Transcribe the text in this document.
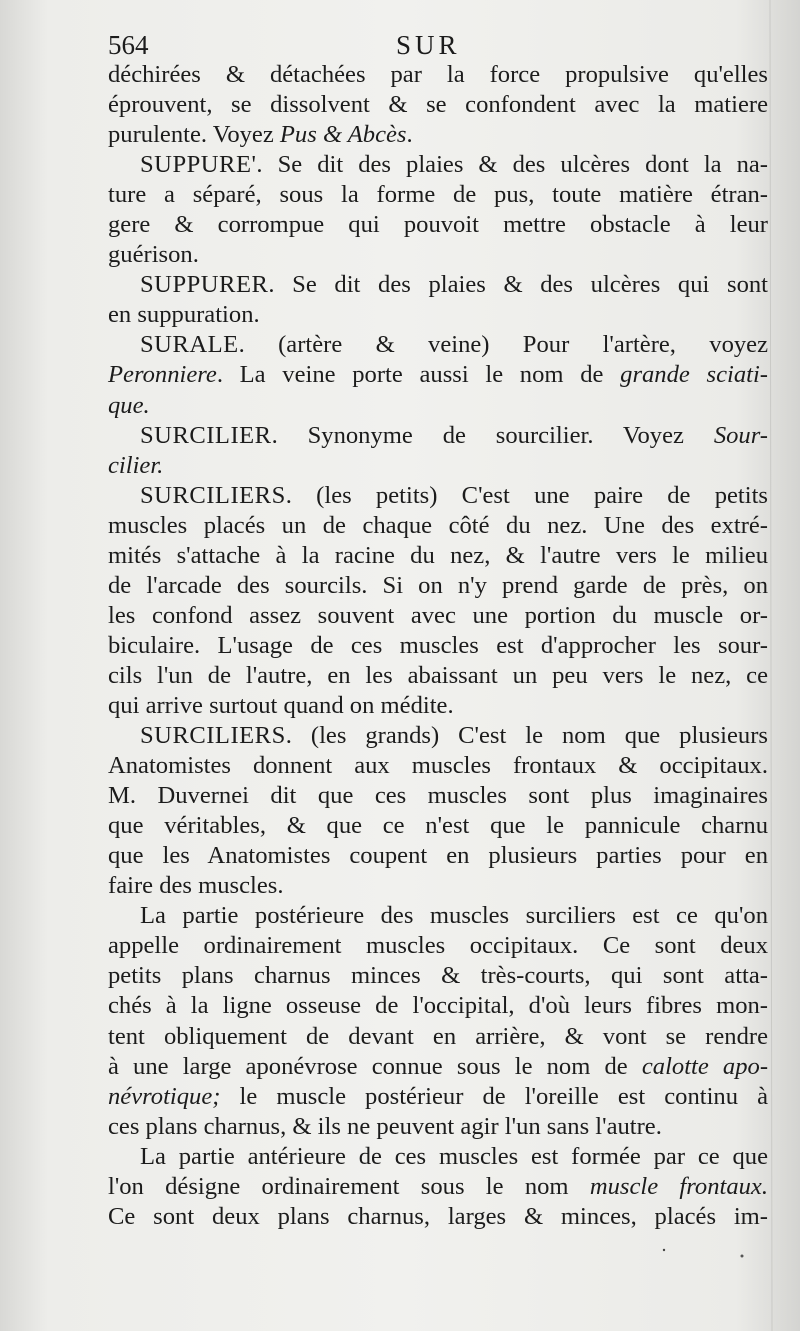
564	SUR

déchirées & détachées par la force propulsive qu'elles
éprouvent, se dissolvent & se confondent avec la matiere
purulente. Voyez Pus & Abcès.

SUPPURE'. Se dit des plaies & des ulcères dont la na-
ture a séparé, sous la forme de pus, toute matière étran-
gere & corrompue qui pouvoit mettre obstacle à leur
guérison.

SUPPURER. Se dit des plaies & des ulcères qui sont
en suppuration.

SURALE. (artère & veine) Pour l'artère, voyez
Peronniere. La veine porte aussi le nom de grande sciati-
que.

SURCILIER. Synonyme de sourcilier. Voyez Sour-
cilier.

SURCILIERS. (les petits) C'est une paire de petits
muscles placés un de chaque côté du nez. Une des extré-
mités s'attache à la racine du nez, & l'autre vers le milieu
de l'arcade des sourcils. Si on n'y prend garde de près, on
les confond assez souvent avec une portion du muscle or-
biculaire. L'usage de ces muscles est d'approcher les sour-
cils l'un de l'autre, en les abaissant un peu vers le nez, ce
qui arrive surtout quand on médite.

SURCILIERS. (les grands) C'est le nom que plusieurs
Anatomistes donnent aux muscles frontaux & occipitaux.
M. Duvernei dit que ces muscles sont plus imaginaires
que véritables, & que ce n'est que le pannicule charnu
que les Anatomistes coupent en plusieurs parties pour en
faire des muscles.

La partie postérieure des muscles surciliers est ce qu'on
appelle ordinairement muscles occipitaux. Ce sont deux
petits plans charnus minces & très-courts, qui sont atta-
chés à la ligne osseuse de l'occipital, d'où leurs fibres mon-
tent obliquement de devant en arrière, & vont se rendre
à une large aponévrose connue sous le nom de calotte apo-
névrotique; le muscle postérieur de l'oreille est continu à
ces plans charnus, & ils ne peuvent agir l'un sans l'autre.

La partie antérieure de ces muscles est formée par ce que
l'on désigne ordinairement sous le nom muscle frontaux.
Ce sont deux plans charnus, larges & minces, placés im-
